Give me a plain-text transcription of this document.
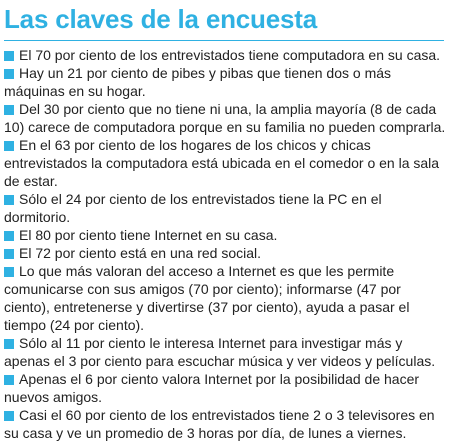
Las claves de la encuesta
El 70 por ciento de los entrevistados tiene computadora en su casa.
Hay un 21 por ciento de pibes y pibas que tienen dos o más máquinas en su hogar.
Del 30 por ciento que no tiene ni una, la amplia mayoría (8 de cada 10) carece de computadora porque en su familia no pueden comprarla.
En el 63 por ciento de los hogares de los chicos y chicas entrevistados la computadora está ubicada en el comedor o en la sala de estar.
Sólo el 24 por ciento de los entrevistados tiene la PC en el dormitorio.
El 80 por ciento tiene Internet en su casa.
El 72 por ciento está en una red social.
Lo que más valoran del acceso a Internet es que les permite comunicarse con sus amigos (70 por ciento); informarse (47 por ciento), entretenerse y divertirse (37 por ciento), ayuda a pasar el tiempo (24 por ciento).
Sólo al 11 por ciento le interesa Internet para investigar más y apenas el 3 por ciento para escuchar música y ver videos y películas.
Apenas el 6 por ciento valora Internet por la posibilidad de hacer nuevos amigos.
Casi el 60 por ciento de los entrevistados tiene 2 o 3 televisores en su casa y ve un promedio de 3 horas por día, de lunes a viernes.
